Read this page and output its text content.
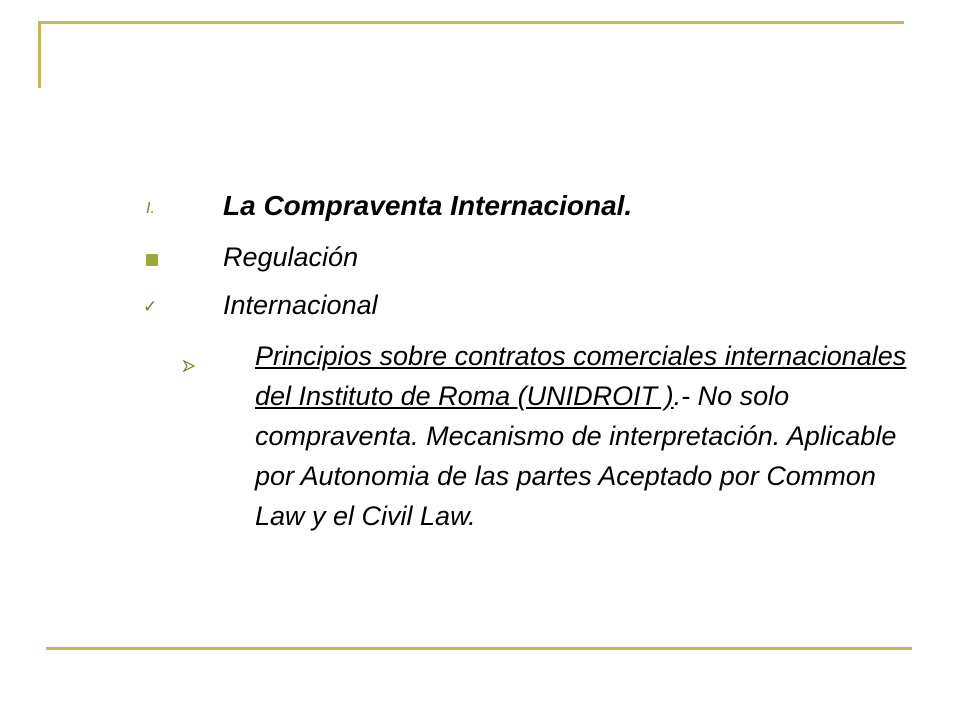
I. La Compraventa Internacional.
Regulación
✓ Internacional
Principios sobre contratos comerciales internacionales del Instituto de Roma (UNIDROIT ).- No solo compraventa. Mecanismo de interpretación. Aplicable por Autonomia de las partes Aceptado por Common Law y el Civil Law.
